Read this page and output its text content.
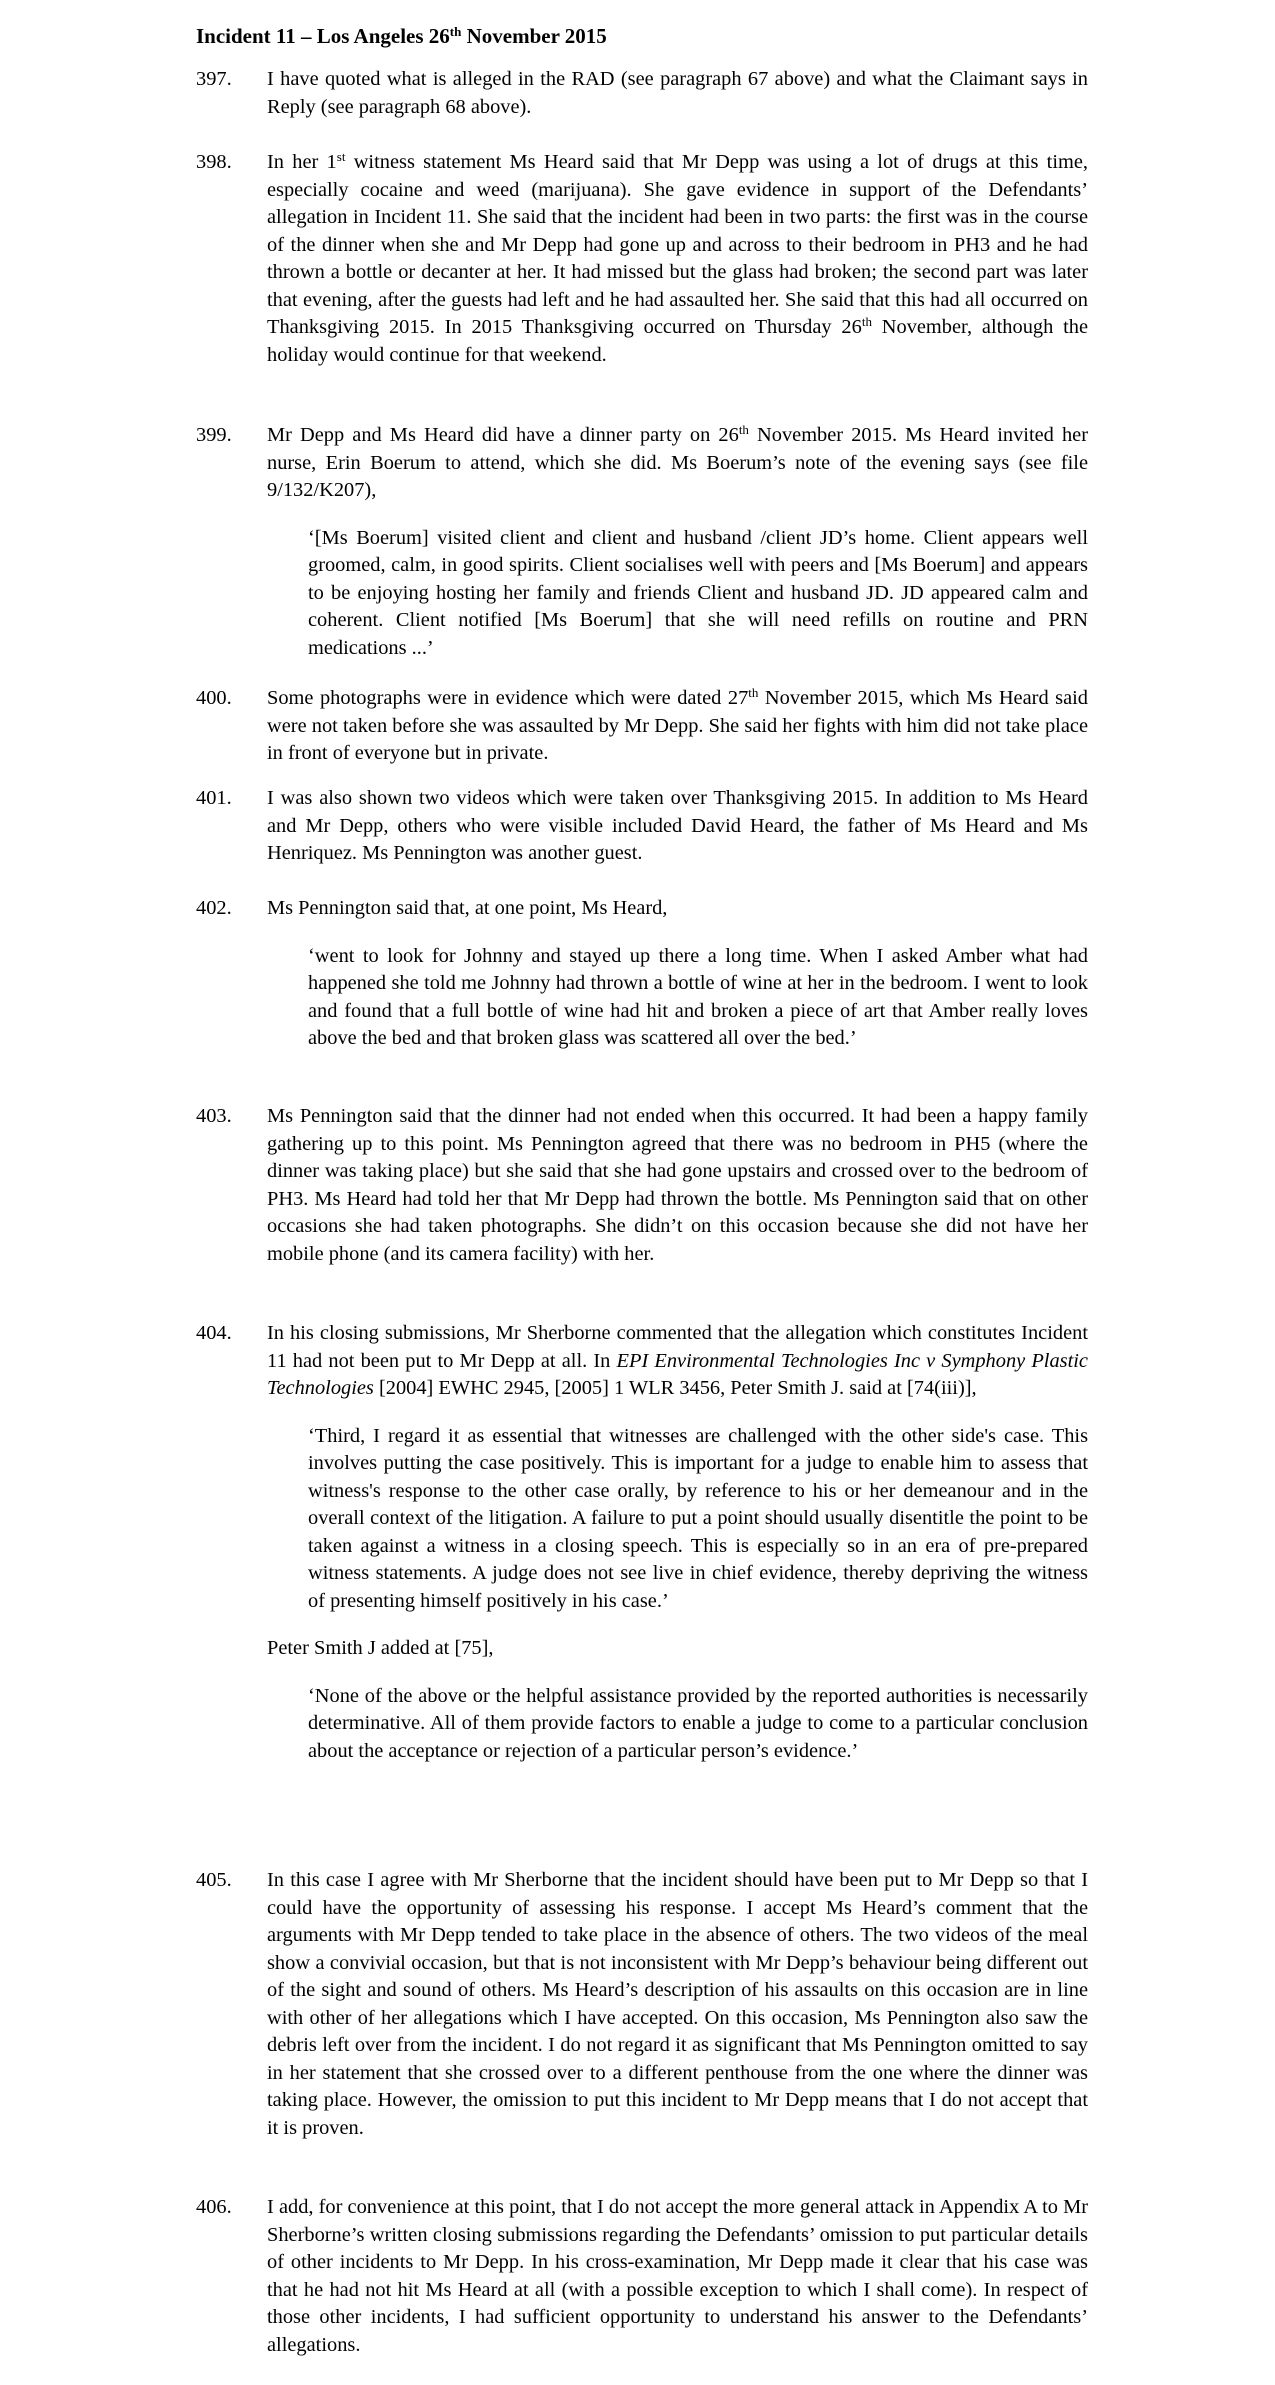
Incident 11 – Los Angeles 26th November 2015
397.	I have quoted what is alleged in the RAD (see paragraph 67 above) and what the Claimant says in Reply (see paragraph 68 above).
398.	In her 1st witness statement Ms Heard said that Mr Depp was using a lot of drugs at this time, especially cocaine and weed (marijuana). She gave evidence in support of the Defendants’ allegation in Incident 11. She said that the incident had been in two parts: the first was in the course of the dinner when she and Mr Depp had gone up and across to their bedroom in PH3 and he had thrown a bottle or decanter at her. It had missed but the glass had broken; the second part was later that evening, after the guests had left and he had assaulted her. She said that this had all occurred on Thanksgiving 2015. In 2015 Thanksgiving occurred on Thursday 26th November, although the holiday would continue for that weekend.
399.	Mr Depp and Ms Heard did have a dinner party on 26th November 2015. Ms Heard invited her nurse, Erin Boerum to attend, which she did. Ms Boerum’s note of the evening says (see file 9/132/K207),
‘[Ms Boerum] visited client and client and husband /client JD’s home. Client appears well groomed, calm, in good spirits. Client socialises well with peers and [Ms Boerum] and appears to be enjoying hosting her family and friends Client and husband JD. JD appeared calm and coherent. Client notified [Ms Boerum] that she will need refills on routine and PRN medications ...’
400.	Some photographs were in evidence which were dated 27th November 2015, which Ms Heard said were not taken before she was assaulted by Mr Depp. She said her fights with him did not take place in front of everyone but in private.
401.	I was also shown two videos which were taken over Thanksgiving 2015. In addition to Ms Heard and Mr Depp, others who were visible included David Heard, the father of Ms Heard and Ms Henriquez. Ms Pennington was another guest.
402.	Ms Pennington said that, at one point, Ms Heard,
‘went to look for Johnny and stayed up there a long time. When I asked Amber what had happened she told me Johnny had thrown a bottle of wine at her in the bedroom. I went to look and found that a full bottle of wine had hit and broken a piece of art that Amber really loves above the bed and that broken glass was scattered all over the bed.’
403.	Ms Pennington said that the dinner had not ended when this occurred. It had been a happy family gathering up to this point. Ms Pennington agreed that there was no bedroom in PH5 (where the dinner was taking place) but she said that she had gone upstairs and crossed over to the bedroom of PH3. Ms Heard had told her that Mr Depp had thrown the bottle. Ms Pennington said that on other occasions she had taken photographs. She didn’t on this occasion because she did not have her mobile phone (and its camera facility) with her.
404.	In his closing submissions, Mr Sherborne commented that the allegation which constitutes Incident 11 had not been put to Mr Depp at all. In EPI Environmental Technologies Inc v Symphony Plastic Technologies [2004] EWHC 2945, [2005] 1 WLR 3456, Peter Smith J. said at [74(iii)],
‘Third, I regard it as essential that witnesses are challenged with the other side's case. This involves putting the case positively. This is important for a judge to enable him to assess that witness's response to the other case orally, by reference to his or her demeanour and in the overall context of the litigation. A failure to put a point should usually disentitle the point to be taken against a witness in a closing speech. This is especially so in an era of pre-prepared witness statements. A judge does not see live in chief evidence, thereby depriving the witness of presenting himself positively in his case.’
Peter Smith J added at [75],
‘None of the above or the helpful assistance provided by the reported authorities is necessarily determinative. All of them provide factors to enable a judge to come to a particular conclusion about the acceptance or rejection of a particular person’s evidence.’
405.	In this case I agree with Mr Sherborne that the incident should have been put to Mr Depp so that I could have the opportunity of assessing his response. I accept Ms Heard’s comment that the arguments with Mr Depp tended to take place in the absence of others. The two videos of the meal show a convivial occasion, but that is not inconsistent with Mr Depp’s behaviour being different out of the sight and sound of others. Ms Heard’s description of his assaults on this occasion are in line with other of her allegations which I have accepted. On this occasion, Ms Pennington also saw the debris left over from the incident. I do not regard it as significant that Ms Pennington omitted to say in her statement that she crossed over to a different penthouse from the one where the dinner was taking place. However, the omission to put this incident to Mr Depp means that I do not accept that it is proven.
406.	I add, for convenience at this point, that I do not accept the more general attack in Appendix A to Mr Sherborne’s written closing submissions regarding the Defendants’ omission to put particular details of other incidents to Mr Depp. In his cross-examination, Mr Depp made it clear that his case was that he had not hit Ms Heard at all (with a possible exception to which I shall come). In respect of those other incidents, I had sufficient opportunity to understand his answer to the Defendants’ allegations.
